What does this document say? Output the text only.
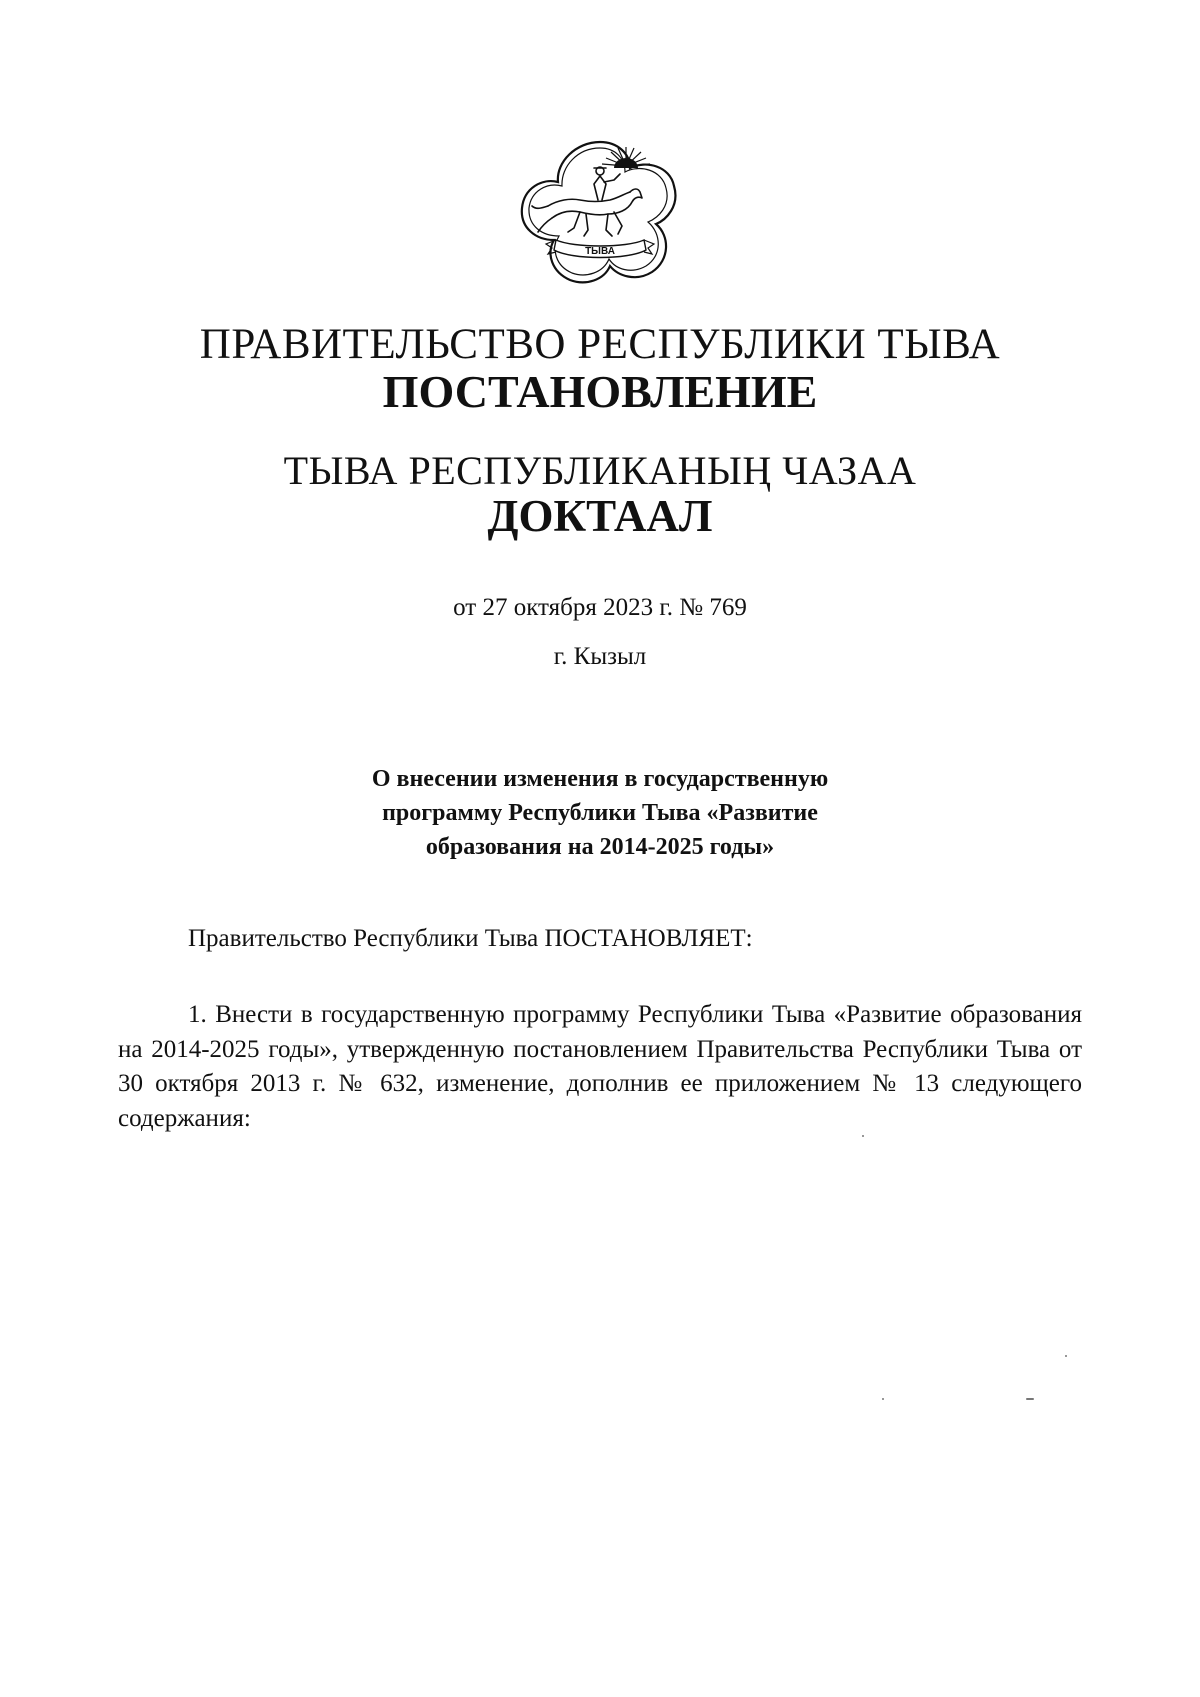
ТЫВА
ПРАВИТЕЛЬСТВО РЕСПУБЛИКИ ТЫВА
ПОСТАНОВЛЕНИЕ
ТЫВА РЕСПУБЛИКАНЫҢ ЧАЗАА
ДОКТААЛ
от 27 октября 2023 г. № 769
г. Кызыл
О внесении изменения в государственную
программу Республики Тыва «Развитие
образования на 2014-2025 годы»
Правительство Республики Тыва ПОСТАНОВЛЯЕТ:
1. Внести в государственную программу Республики Тыва «Развитие образования на 2014-2025 годы», утвержденную постановлением Правительства Республики Тыва от 30 октября 2013 г. № 632, изменение, дополнив ее приложением № 13 следующего содержания:
